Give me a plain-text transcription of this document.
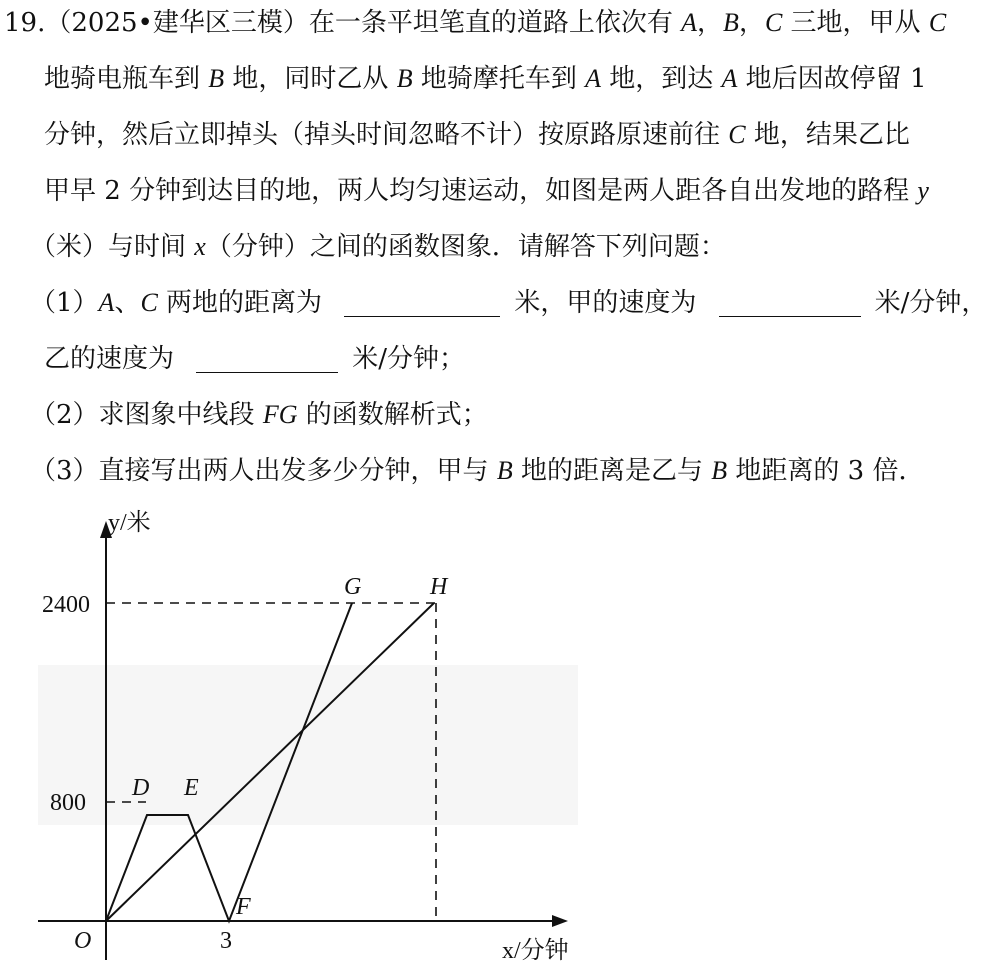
19.（2025•建华区三模）在一条平坦笔直的道路上依次有 A，B，C 三地，甲从 C
地骑电瓶车到 B 地，同时乙从 B 地骑摩托车到 A 地，到达 A 地后因故停留 1
分钟，然后立即掉头（掉头时间忽略不计）按原路原速前往 C 地，结果乙比
甲早 2 分钟到达目的地，两人均匀速运动，如图是两人距各自出发地的路程 y
（米）与时间 x（分钟）之间的函数图象．请解答下列问题：
（1）A、C 两地的距离为	米，甲的速度为	米/分钟，
乙的速度为	米/分钟；
（2）求图象中线段 FG 的函数解析式；
（3）直接写出两人出发多少分钟，甲与 B 地的距离是乙与 B 地距离的 3 倍．
y/米
x/分钟
O
2400
800
3
D E
F
G	H
